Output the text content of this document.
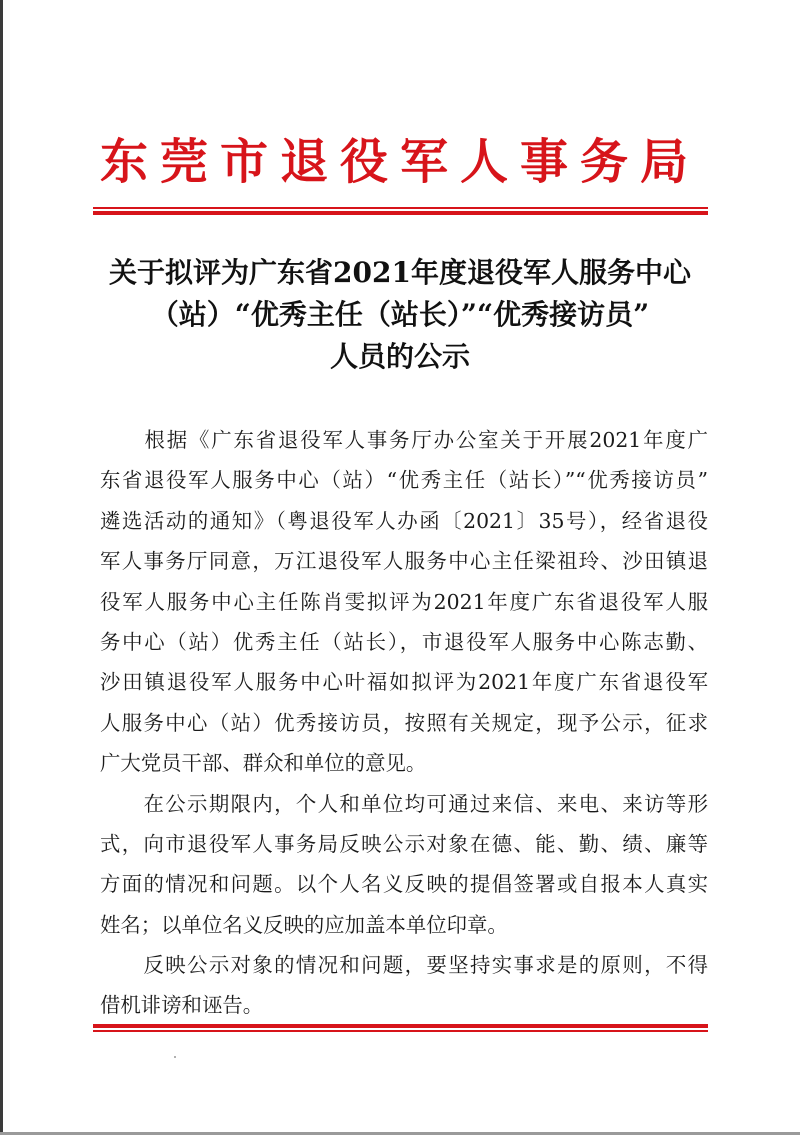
东莞市退役军人事务局
关于拟评为广东省2021年度退役军人服务中心
（站）“优秀主任（站长）”“优秀接访员”
人员的公示
　　根据《广东省退役军人事务厅办公室关于开展2021年度广
东省退役军人服务中心（站）“优秀主任（站长）”“优秀接访员”
遴选活动的通知》（粤退役军人办函〔2021〕35号），经省退役
军人事务厅同意，万江退役军人服务中心主任梁祖玲、沙田镇退
役军人服务中心主任陈肖雯拟评为2021年度广东省退役军人服
务中心（站）优秀主任（站长），市退役军人服务中心陈志勤、
沙田镇退役军人服务中心叶福如拟评为2021年度广东省退役军
人服务中心（站）优秀接访员，按照有关规定，现予公示，征求
广大党员干部、群众和单位的意见。
　　在公示期限内，个人和单位均可通过来信、来电、来访等形
式，向市退役军人事务局反映公示对象在德、能、勤、绩、廉等
方面的情况和问题。以个人名义反映的提倡签署或自报本人真实
姓名；以单位名义反映的应加盖本单位印章。
　　反映公示对象的情况和问题，要坚持实事求是的原则，不得
借机诽谤和诬告。
